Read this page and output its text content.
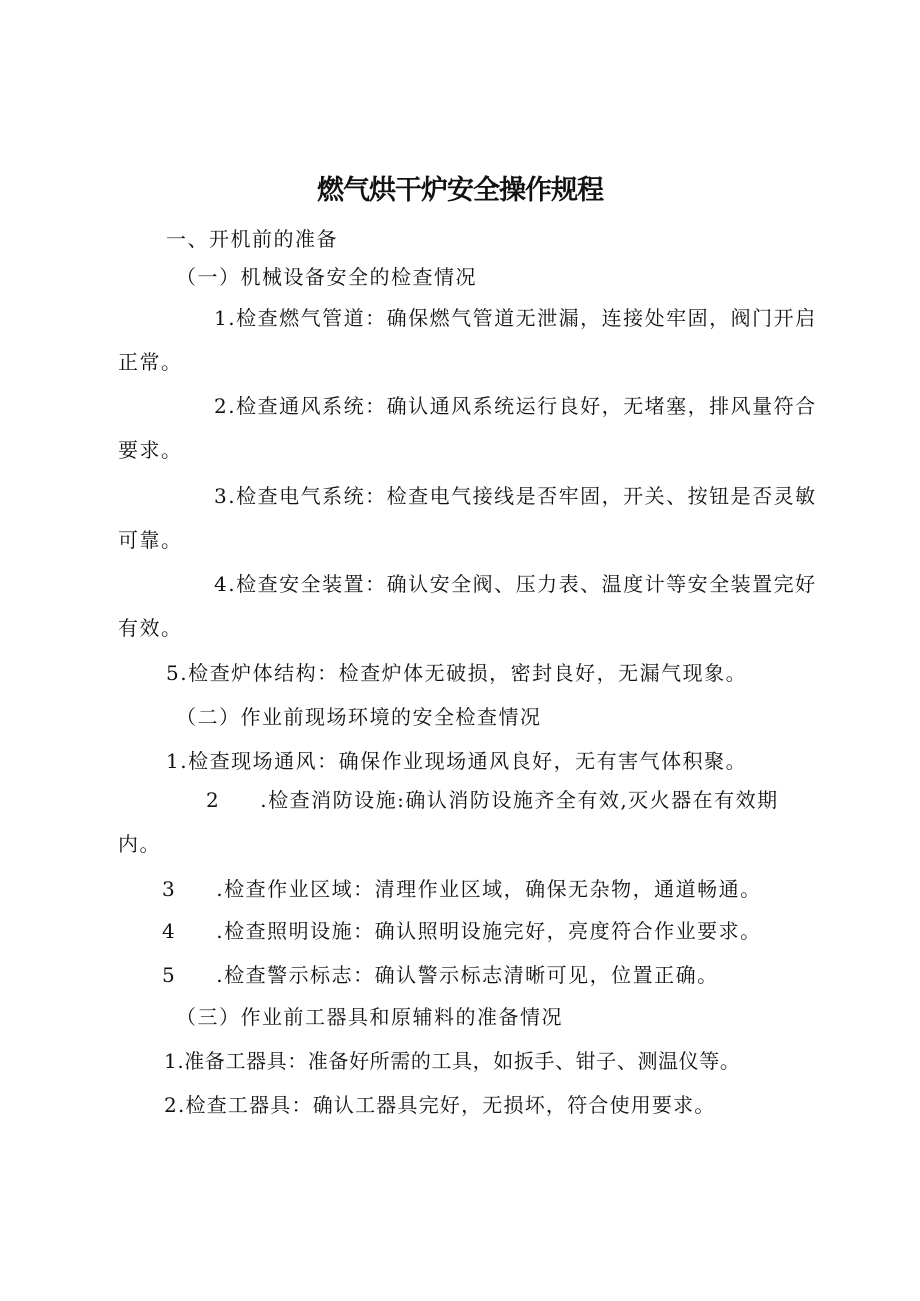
燃气烘干炉安全操作规程
一、开机前的准备
（一）机械设备安全的检查情况
1.检查燃气管道：确保燃气管道无泄漏，连接处牢固，阀门开启正常。
2.检查通风系统：确认通风系统运行良好，无堵塞，排风量符合要求。
3.检查电气系统：检查电气接线是否牢固，开关、按钮是否灵敏可靠。
4.检查安全装置：确认安全阀、压力表、温度计等安全装置完好有效。
5.检查炉体结构：检查炉体无破损，密封良好，无漏气现象。
（二）作业前现场环境的安全检查情况
1.检查现场通风：确保作业现场通风良好，无有害气体积聚。
2 .检查消防设施:确认消防设施齐全有效,灭火器在有效期内。
3 .检查作业区域：清理作业区域，确保无杂物，通道畅通。
4 .检查照明设施：确认照明设施完好，亮度符合作业要求。
5 .检查警示标志：确认警示标志清晰可见，位置正确。
（三）作业前工器具和原辅料的准备情况
1.准备工器具：准备好所需的工具，如扳手、钳子、测温仪等。
2.检查工器具：确认工器具完好，无损坏，符合使用要求。
